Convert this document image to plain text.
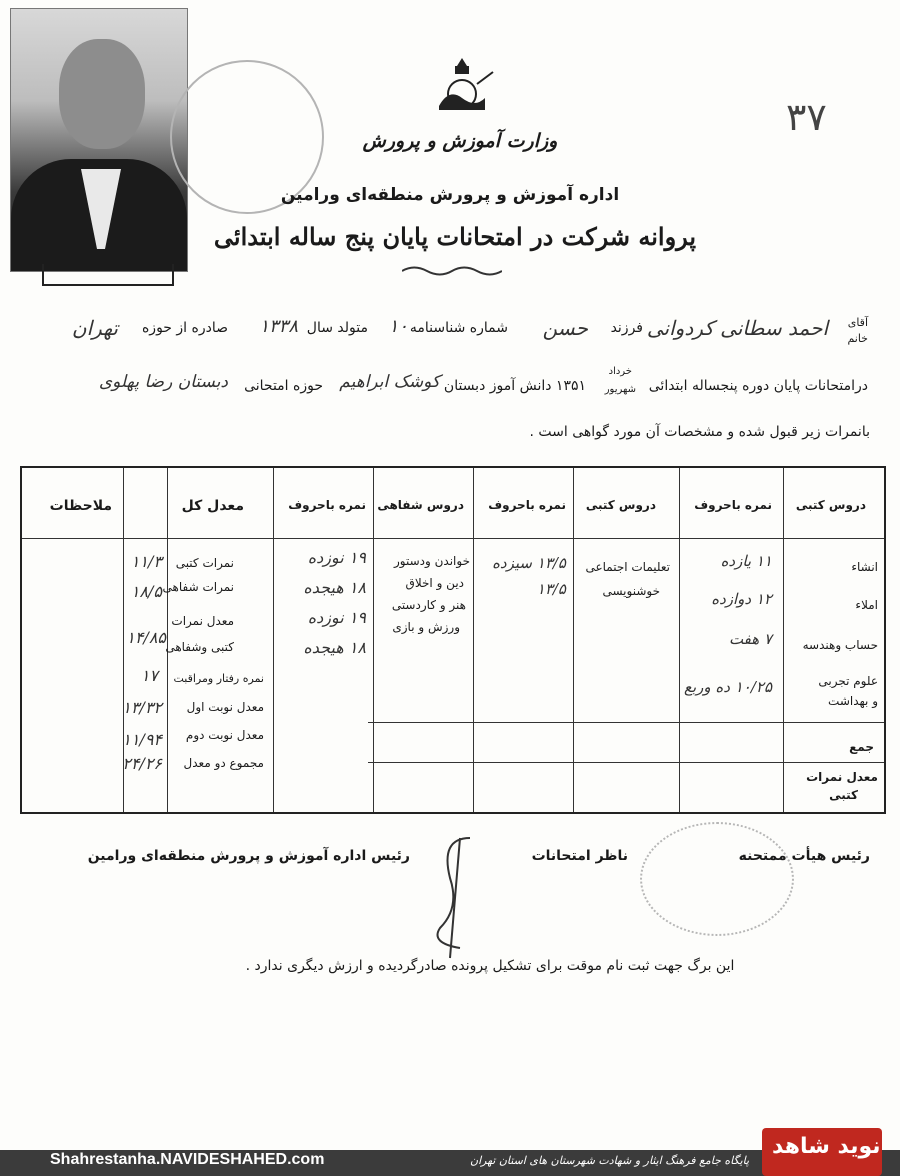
۳۷
وزارت آموزش و پرورش
اداره آموزش و پرورش منطقه‌ای ورامین
پروانه شرکت در امتحانات پایان پنج ساله ابتدائی
آقای
خانم
احمد سطانی کردوانی
فرزند
حسن
شماره شناسنامه
۱۰
متولد سال
۱۳۳۸
صادره از حوزه
تهران
درامتحانات پایان دوره پنجساله ابتدائی
خرداد
شهریور
۱۳۵۱ دانش آموز دبستان
کوشک ابراهیم
حوزه امتحانی
دبستان رضا پهلوی
بانمرات زیر قبول شده و مشخصات آن مورد گواهی است .
دروس کتبی
نمره باحروف
دروس کتبی
نمره باحروف
دروس شفاهی
نمره باحروف
معدل کل
ملاحظات
انشاء
املاء
حساب وهندسه
علوم تجربی
و بهداشت
۱۱ یازده
۱۲ دوازده
۷ هفت
۱۰/۲۵ ده وربع
تعلیمات اجتماعی
خوشنویسی
۱۳/۵ سیزده
۱۳/۵
خواندن ودستور
دین و اخلاق
هنر و کاردستی
ورزش و بازی
۱۹ نوزده
۱۸ هیجده
۱۹ نوزده
۱۸ هیجده
نمرات کتبی
نمرات شفاهی
معدل نمرات
کتبی وشفاهی
نمره رفتار ومراقبت
معدل نوبت اول
معدل نوبت دوم
مجموع دو معدل
۱۱/۳
۱۸/۵
۱۴/۸۵
۱۷
۱۳/۳۲
۱۱/۹۴
۲۴/۲۶
جمع
معدل نمرات
کتبی
رئیس هیأت ممتحنه
ناظر امتحانات
رئیس اداره آموزش و پرورش منطقه‌ای ورامین
این برگ جهت ثبت نام موقت برای تشکیل پرونده صادرگردیده و ارزش دیگری ندارد .
Shahrestanha.NAVIDESHAHED.com	پایگاه جامع فرهنگ ایثار و شهادت شهرستان های استان تهران
نوید شاهد
